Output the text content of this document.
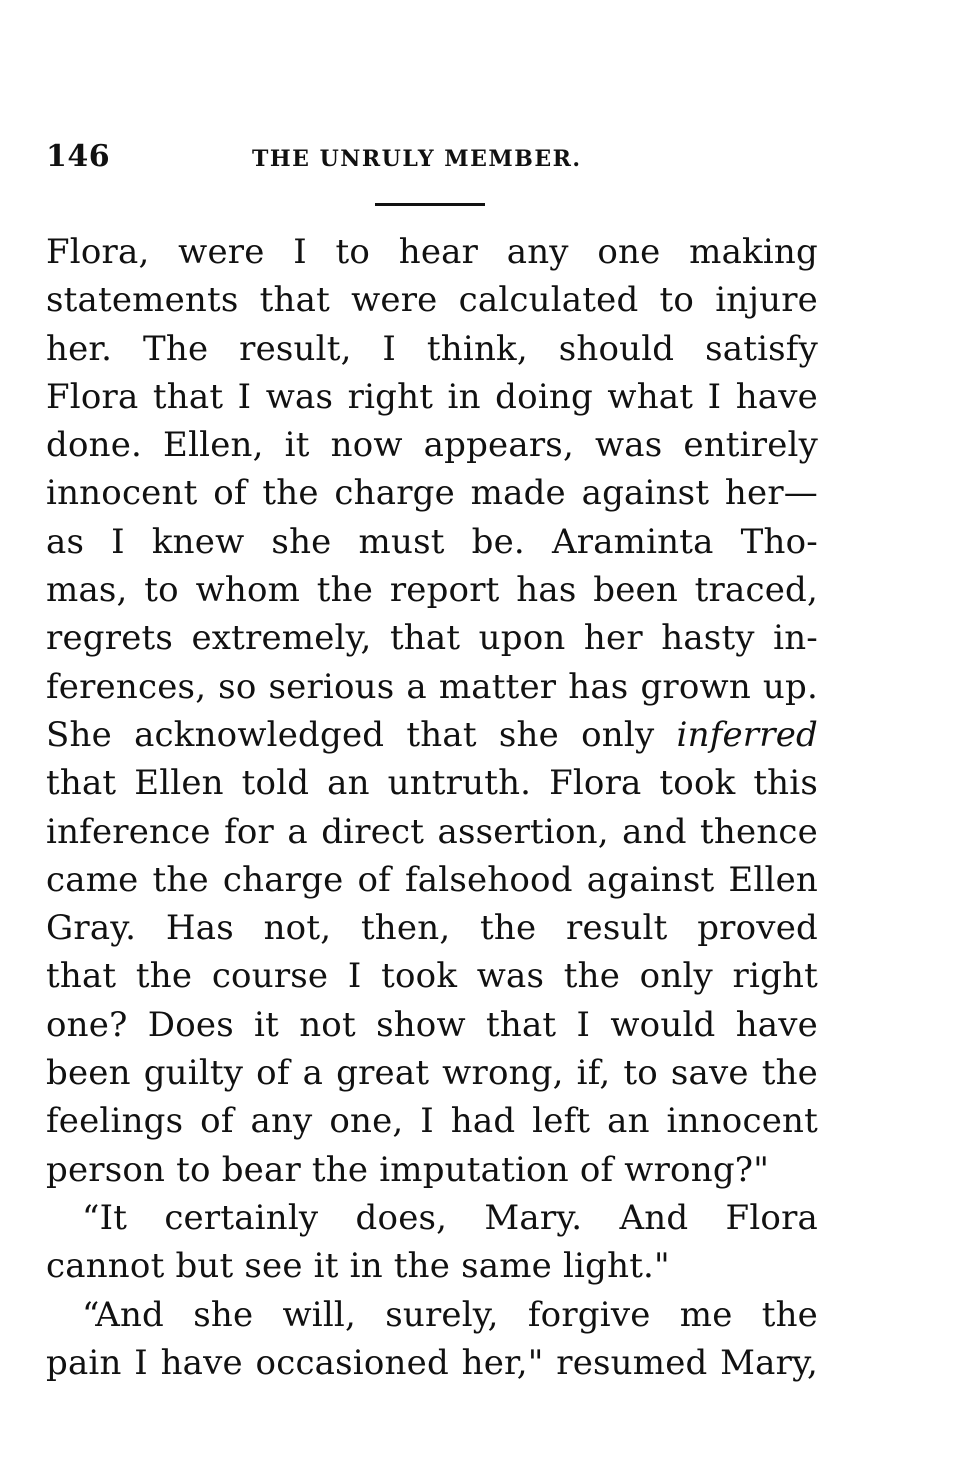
146	THE UNRULY MEMBER.
Flora, were I to hear any one making
statements that were calculated to injure
her. The result, I think, should satisfy
Flora that I was right in doing what I have
done. Ellen, it now appears, was entirely
innocent of the charge made against her—
as I knew she must be. Araminta Tho-
mas, to whom the report has been traced,
regrets extremely, that upon her hasty in-
ferences, so serious a matter has grown up.
She acknowledged that she only inferred
that Ellen told an untruth. Flora took this
inference for a direct assertion, and thence
came the charge of falsehood against Ellen
Gray. Has not, then, the result proved
that the course I took was the only right
one? Does it not show that I would have
been guilty of a great wrong, if, to save the
feelings of any one, I had left an innocent
person to bear the imputation of wrong?"
“It certainly does, Mary. And Flora
cannot but see it in the same light."
“And she will, surely, forgive me the
pain I have occasioned her," resumed Mary,
